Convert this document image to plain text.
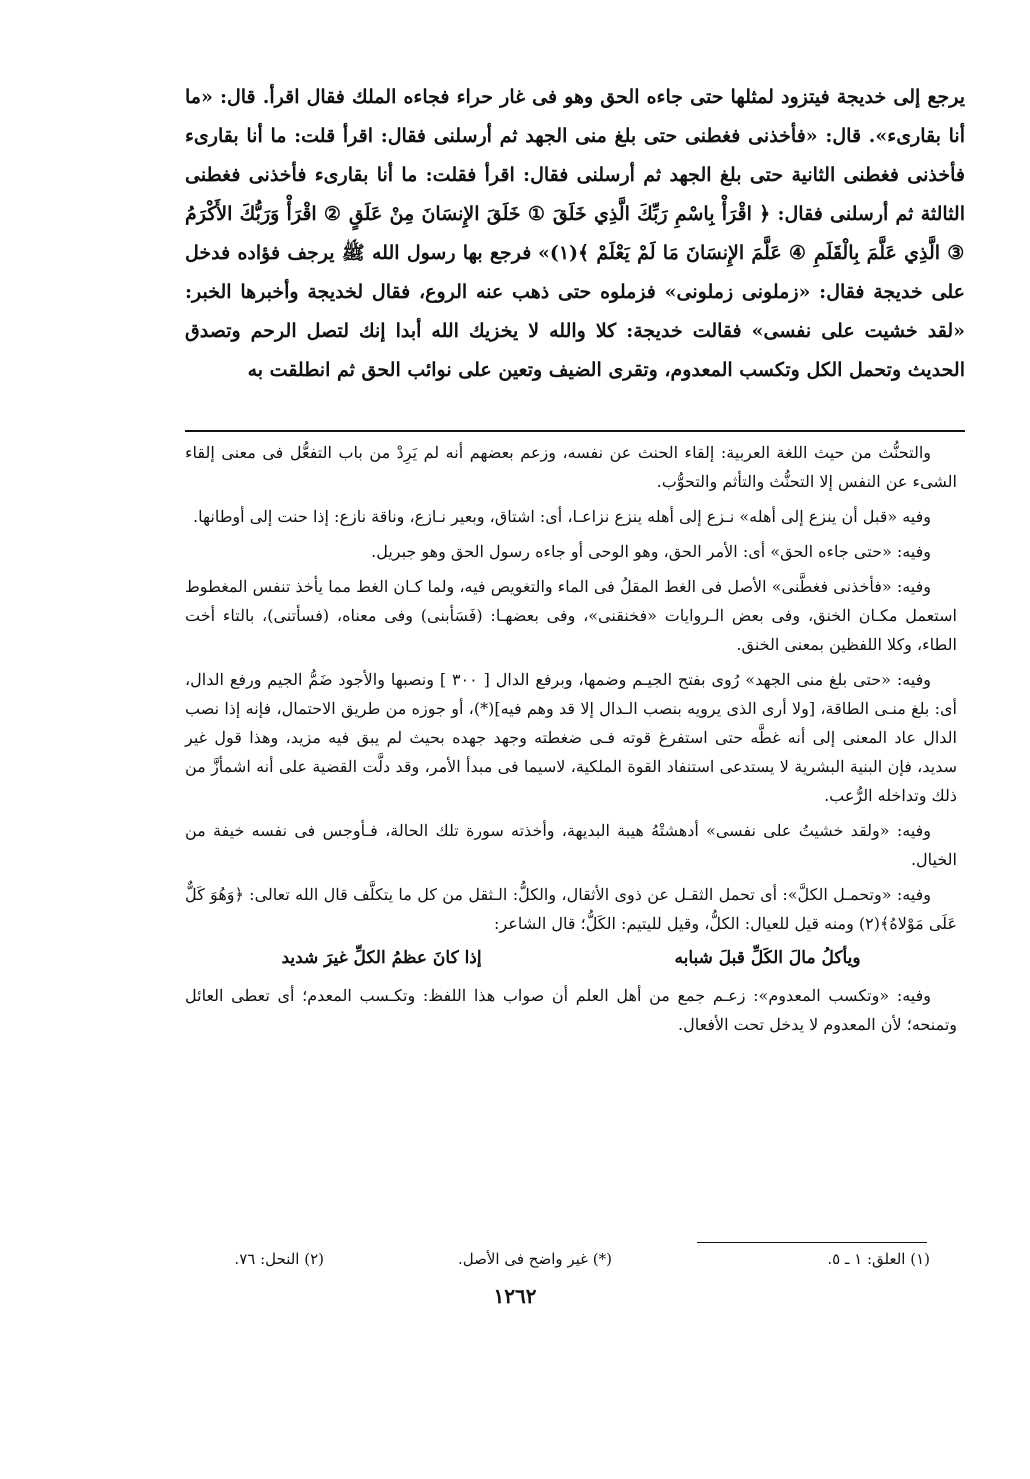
يرجع إلى خديجة فيتزود لمثلها حتى جاءه الحق وهو فى غار حراء فجاءه الملك فقال اقرأ. قال: «ما أنا بقارىء». قال: «فأخذنى فغطنى حتى بلغ منى الجهد ثم أرسلنى فقال: اقرأ قلت: ما أنا بقارىء فأخذنى فغطنى الثانية حتى بلغ الجهد ثم أرسلنى فقال: اقرأ فقلت: ما أنا بقارىء فأخذنى فغطنى الثالثة ثم أرسلنى فقال: ﴿ اقْرَأْ بِاسْمِ رَبِّكَ الَّذِي خَلَقَ ① خَلَقَ الإِنسَانَ مِنْ عَلَقٍ ② اقْرَأْ وَرَبُّكَ الأَكْرَمُ ③ الَّذِي عَلَّمَ بِالْقَلَمِ ④ عَلَّمَ الإِنسَانَ مَا لَمْ يَعْلَمْ ﴾(١)» فرجع بها رسول الله ﷺ يرجف فؤاده فدخل على خديجة فقال: «زملونى زملونى» فزملوه حتى ذهب عنه الروع، فقال لخديجة وأخبرها الخبر: «لقد خشيت على نفسى» فقالت خديجة: كلا والله لا يخزيك الله أبدا إنك لتصل الرحم وتصدق الحديث وتحمل الكل وتكسب المعدوم، وتقرى الضيف وتعين على نوائب الحق ثم انطلقت به

والتحنُّث من حيث اللغة العربية: إلقاء الحنث عن نفسه، وزعم بعضهم أنه لم يَرِدْ من باب التفعُّل فى معنى إلقاء الشىء عن النفس إلا التحنُّث والتأثم والتحوُّب.

وفيه «قبل أن ينزع إلى أهله» نـزع إلى أهله ينزع نزاعـا، أى: اشتاق، وبعير نـازع، وناقة نازع: إذا حنت إلى أوطانها.

وفيه: «حتى جاءه الحق» أى: الأمر الحق، وهو الوحى أو جاءه رسول الحق وهو جبريل.

وفيه: «فأخذنى فغطَّنى» الأصل فى الغط المقلُ فى الماء والتغويص فيه، ولما كـان الغط مما يأخذ تنفس المغطوط استعمل مكـان الخنق، وفى بعض الـروايات «فخنقنى»، وفى بعضهـا: (فَسَأبنى) وفى معناه، (فسأتنى)، بالتاء أخت الطاء، وكلا اللفظين بمعنى الخنق.

وفيه: «حتى بلغ منى الجهد» رُوى بفتح الجيـم وضمها، وبرفع الدال [ ٣٠٠ ] ونصبها والأجود ضَمُّ الجيم ورفع الدال، أى: بلغ منـى الطاقة، [ولا أرى الذى يرويه بنصب الـدال إلا قد وهم فيه](*)، أو جوزه من طريق الاحتمال، فإنه إذا نصب الدال عاد المعنى إلى أنه غطَّه حتى استفرغ قوته فـى ضغطته وجهد جهده بحيث لم يبق فيه مزيد، وهذا قول غير سديد، فإن البنية البشرية لا يستدعى استنفاد القوة الملكية، لاسيما فى مبدأ الأمر، وقد دلَّت القضية على أنه اشمأزَّ من ذلك وتداخله الرُّعب.

وفيه: «ولقد خشيتُ على نفسى» أدهشتْهُ هيبة البديهة، وأخذته سورة تلك الحالة، فـأوجس فى نفسه خيفة من الخيال.

وفيه: «وتحمـل الكلَّ»: أى تحمل الثقـل عن ذوى الأثقال، والكلُّ: الـثقل من كل ما يتكلَّف قال الله تعالى: ﴿وَهُوَ كَلٌّ عَلَى مَوْلاهُ﴾(٢) ومنه قيل للعيال: الكلُّ، وقيل لليتيم: الكَلُّ؛ قال الشاعر:

ويأكلُ مالَ الكَلِّ قبلَ شبابه
إذا كانَ عظمُ الكلِّ غيرَ شديد

وفيه: «وتكسب المعدوم»: زعـم جمع من أهل العلم أن صواب هذا اللفظ: وتكـسب المعدم؛ أى تعطى العائل وتمنحه؛ لأن المعدوم لا يدخل تحت الأفعال.

(١) العلق: ١ ـ ٥.
(*) غير واضح فى الأصل.
(٢) النحل: ٧٦.
١٢٦٢
